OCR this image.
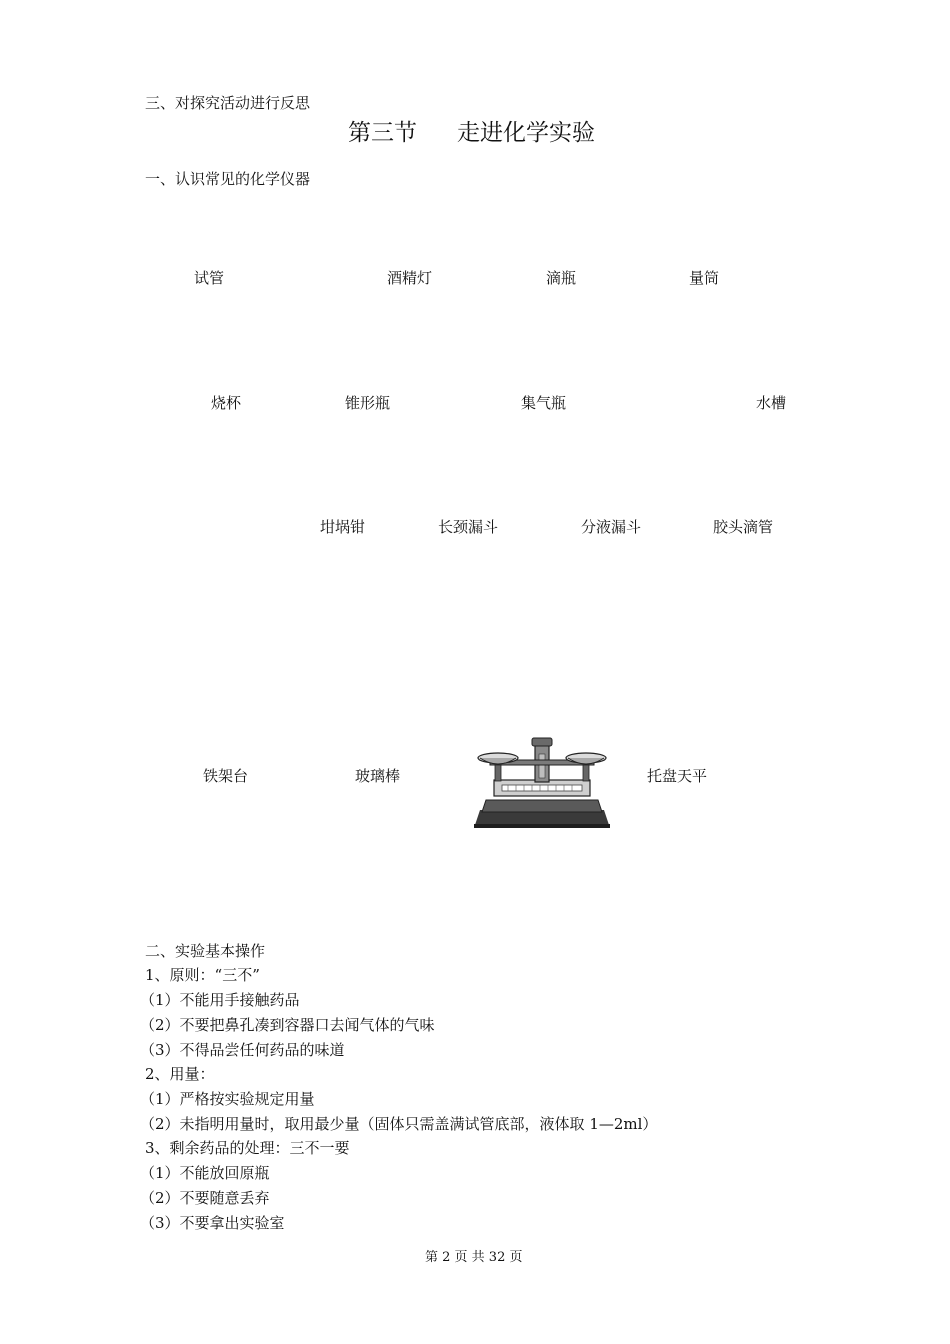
三、对探究活动进行反思
第三节 走进化学实验
一、认识常见的化学仪器
试管	酒精灯	滴瓶	量筒
烧杯	锥形瓶	集气瓶	水槽
坩埚钳	长颈漏斗	分液漏斗	胶头滴管
铁架台	玻璃棒	托盘天平
二、实验基本操作
1、原则：“三不”
（1）不能用手接触药品
（2）不要把鼻孔凑到容器口去闻气体的气味
（3）不得品尝任何药品的味道
2、用量：
（1）严格按实验规定用量
（2）未指明用量时，取用最少量（固体只需盖满试管底部，液体取 1—2ml）
3、剩余药品的处理：三不一要
（1）不能放回原瓶
（2）不要随意丢弃
（3）不要拿出实验室
第 2 页 共 32 页
